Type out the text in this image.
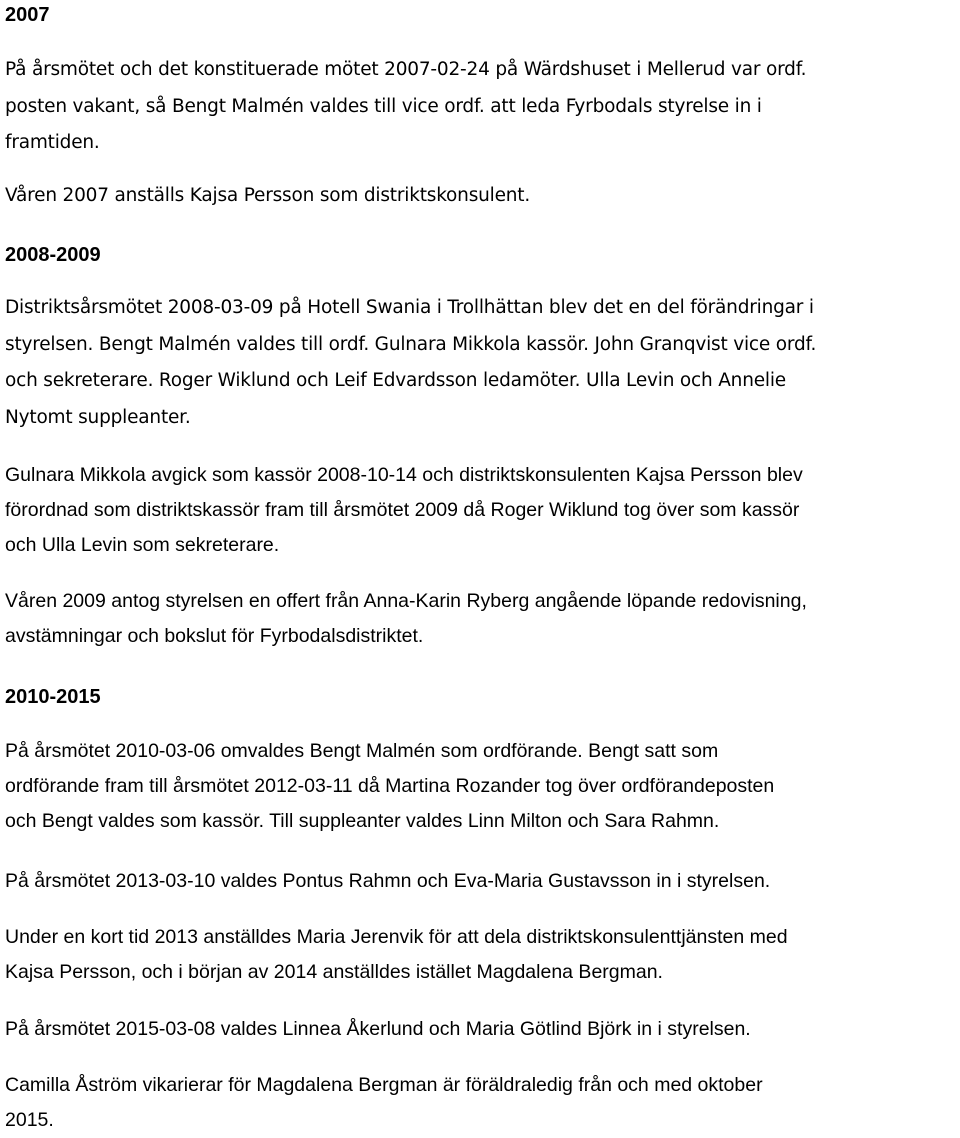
2007

På årsmötet och det konstituerade mötet 2007-02-24 på Wärdshuset i Mellerud var ordf.
posten vakant, så Bengt Malmén valdes till vice ordf. att leda Fyrbodals styrelse in i
framtiden.

Våren 2007 anställs Kajsa Persson som distriktskonsulent.

2008-2009

Distriktsårsmötet 2008-03-09 på Hotell Swania i Trollhättan blev det en del förändringar i
styrelsen. Bengt Malmén valdes till ordf. Gulnara Mikkola kassör. John Granqvist vice ordf.
och sekreterare. Roger Wiklund och Leif Edvardsson ledamöter. Ulla Levin och Annelie
Nytomt suppleanter.

Gulnara Mikkola avgick som kassör 2008-10-14 och distriktskonsulenten Kajsa Persson blev
förordnad som distriktskassör fram till årsmötet 2009 då Roger Wiklund tog över som kassör
och Ulla Levin som sekreterare.

Våren 2009 antog styrelsen en offert från Anna-Karin Ryberg angående löpande redovisning,
avstämningar och bokslut för Fyrbodalsdistriktet.

2010-2015

På årsmötet 2010-03-06 omvaldes Bengt Malmén som ordförande. Bengt satt som
ordförande fram till årsmötet 2012-03-11 då Martina Rozander tog över ordförandeposten
och Bengt valdes som kassör. Till suppleanter valdes Linn Milton och Sara Rahmn.

På årsmötet 2013-03-10 valdes Pontus Rahmn och Eva-Maria Gustavsson in i styrelsen.

Under en kort tid 2013 anställdes Maria Jerenvik för att dela distriktskonsulenttjänsten med
Kajsa Persson, och i början av 2014 anställdes istället Magdalena Bergman.

På årsmötet 2015-03-08 valdes Linnea Åkerlund och Maria Götlind Björk in i styrelsen.

Camilla Åström vikarierar för Magdalena Bergman är föräldraledig från och med oktober
2015.
